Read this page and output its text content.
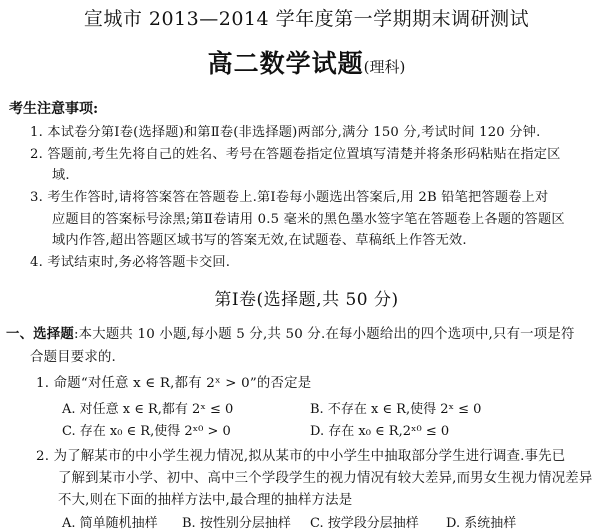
宣城市 2013—2014 学年度第一学期期末调研测试
高二数学试题(理科)
考生注意事项:
1. 本试卷分第Ⅰ卷(选择题)和第Ⅱ卷(非选择题)两部分,满分 150 分,考试时间 120 分钟.
2. 答题前,考生先将自己的姓名、考号在答题卷指定位置填写清楚并将条形码粘贴在指定区
域.
3. 考生作答时,请将答案答在答题卷上.第Ⅰ卷每小题选出答案后,用 2B 铅笔把答题卷上对
应题目的答案标号涂黑;第Ⅱ卷请用 0.5 毫米的黑色墨水签字笔在答题卷上各题的答题区
域内作答,超出答题区域书写的答案无效,在试题卷、草稿纸上作答无效.
4. 考试结束时,务必将答题卡交回.
第Ⅰ卷(选择题,共 50 分)
一、选择题:本大题共 10 小题,每小题 5 分,共 50 分.在每小题给出的四个选项中,只有一项是符
合题目要求的.
1. 命题“对任意 x ∈ R,都有 2ˣ > 0”的否定是
A. 对任意 x ∈ R,都有 2ˣ ≤ 0	B. 不存在 x ∈ R,使得 2ˣ ≤ 0
C. 存在 x₀ ∈ R,使得 2ˣ⁰ > 0	D. 存在 x₀ ∈ R,2ˣ⁰ ≤ 0
2. 为了解某市的中小学生视力情况,拟从某市的中小学生中抽取部分学生进行调查.事先已
了解到某市小学、初中、高中三个学段学生的视力情况有较大差异,而男女生视力情况差异
不大,则在下面的抽样方法中,最合理的抽样方法是
A. 简单随机抽样 B. 按性别分层抽样 C. 按学段分层抽样 D. 系统抽样
